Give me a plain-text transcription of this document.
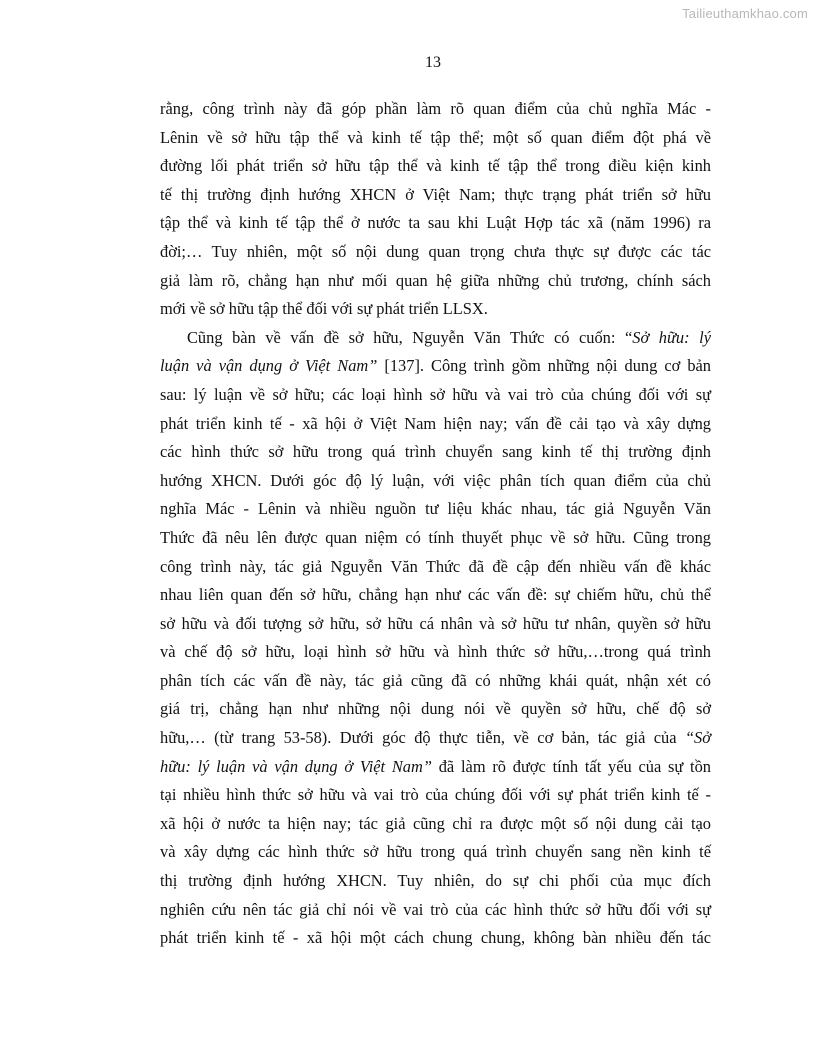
Tailieuthamkhao.com
13
rằng, công trình này đã góp phần làm rõ quan điểm của chủ nghĩa Mác -
Lênin về sở hữu tập thể và kinh tế tập thể; một số quan điểm đột phá về
đường lối phát triển sở hữu tập thể và kinh tế tập thể trong điều kiện kinh
tế thị trường định hướng XHCN ở Việt Nam; thực trạng phát triển sở hữu
tập thể và kinh tế tập thể ở nước ta sau khi Luật Hợp tác xã (năm 1996) ra
đời;… Tuy nhiên, một số nội dung quan trọng chưa thực sự được các tác
giả làm rõ, chẳng hạn như mối quan hệ giữa những chủ trương, chính sách
mới về sở hữu tập thể đối với sự phát triển LLSX.
Cũng bàn về vấn đề sở hữu, Nguyễn Văn Thức có cuốn: “Sở hữu: lý
luận và vận dụng ở Việt Nam” [137]. Công trình gồm những nội dung cơ bản
sau: lý luận về sở hữu; các loại hình sở hữu và vai trò của chúng đối với sự
phát triển kinh tế - xã hội ở Việt Nam hiện nay; vấn đề cải tạo và xây dựng
các hình thức sở hữu trong quá trình chuyển sang kinh tế thị trường định
hướng XHCN. Dưới góc độ lý luận, với việc phân tích quan điểm của chủ
nghĩa Mác - Lênin và nhiều nguồn tư liệu khác nhau, tác giả Nguyễn Văn
Thức đã nêu lên được quan niệm có tính thuyết phục về sở hữu. Cũng trong
công trình này, tác giả Nguyễn Văn Thức đã đề cập đến nhiều vấn đề khác
nhau liên quan đến sở hữu, chẳng hạn như các vấn đề: sự chiếm hữu, chủ thể
sở hữu và đối tượng sở hữu, sở hữu cá nhân và sở hữu tư nhân, quyền sở hữu
và chế độ sở hữu, loại hình sở hữu và hình thức sở hữu,…trong quá trình
phân tích các vấn đề này, tác giả cũng đã có những khái quát, nhận xét có
giá trị, chẳng hạn như những nội dung nói về quyền sở hữu, chế độ sở
hữu,… (từ trang 53-58). Dưới góc độ thực tiễn, về cơ bản, tác giả của “Sở
hữu: lý luận và vận dụng ở Việt Nam” đã làm rõ được tính tất yếu của sự tồn
tại nhiều hình thức sở hữu và vai trò của chúng đối với sự phát triển kinh tế -
xã hội ở nước ta hiện nay; tác giả cũng chỉ ra được một số nội dung cải tạo
và xây dựng các hình thức sở hữu trong quá trình chuyển sang nền kinh tế
thị trường định hướng XHCN. Tuy nhiên, do sự chi phối của mục đích
nghiên cứu nên tác giả chỉ nói về vai trò của các hình thức sở hữu đối với sự
phát triển kinh tế - xã hội một cách chung chung, không bàn nhiều đến tác
